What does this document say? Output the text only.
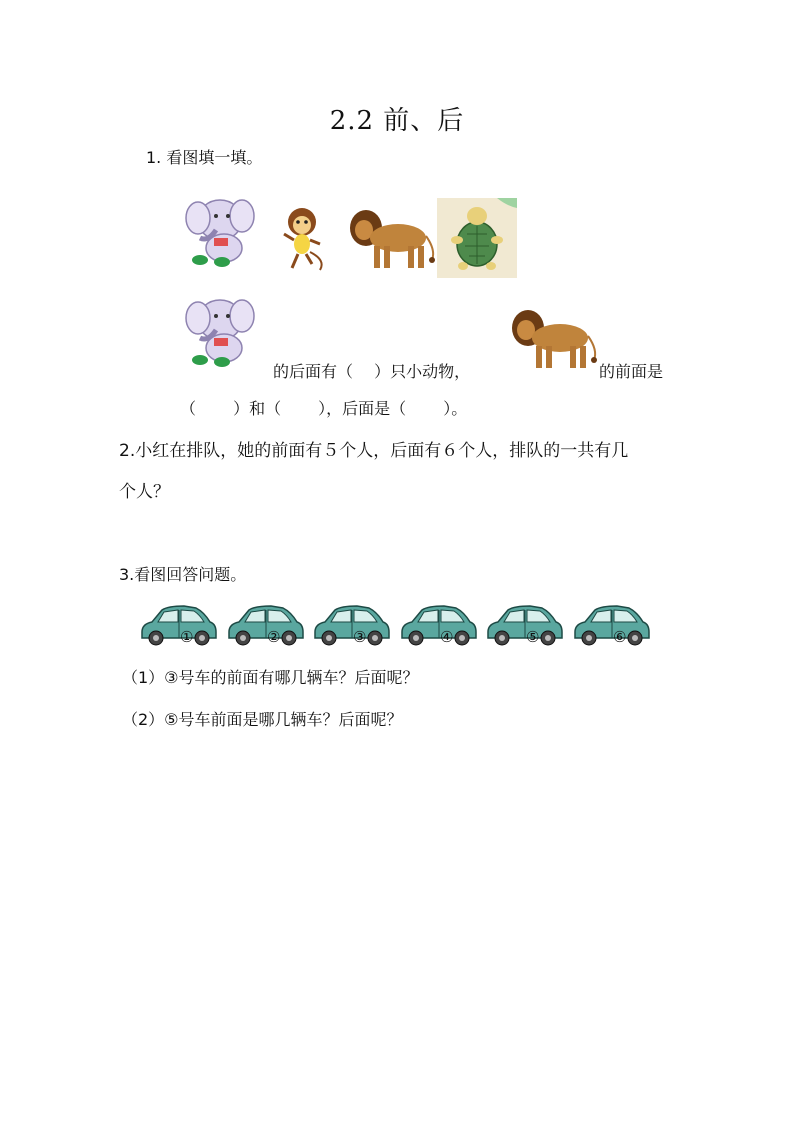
2.2 前、后
1. 看图填一填。
的后面有（　 ）只小动物，	的前面是
（　　 ）和（　　 ），后面是（　　 ）。
2.小红在排队，她的前面有５个人，后面有６个人，排队的一共有几
个人？
3.看图回答问题。
①	②	③	④	⑤	⑥
（1）③号车的前面有哪几辆车？后面呢？
（2）⑤号车前面是哪几辆车？后面呢？
